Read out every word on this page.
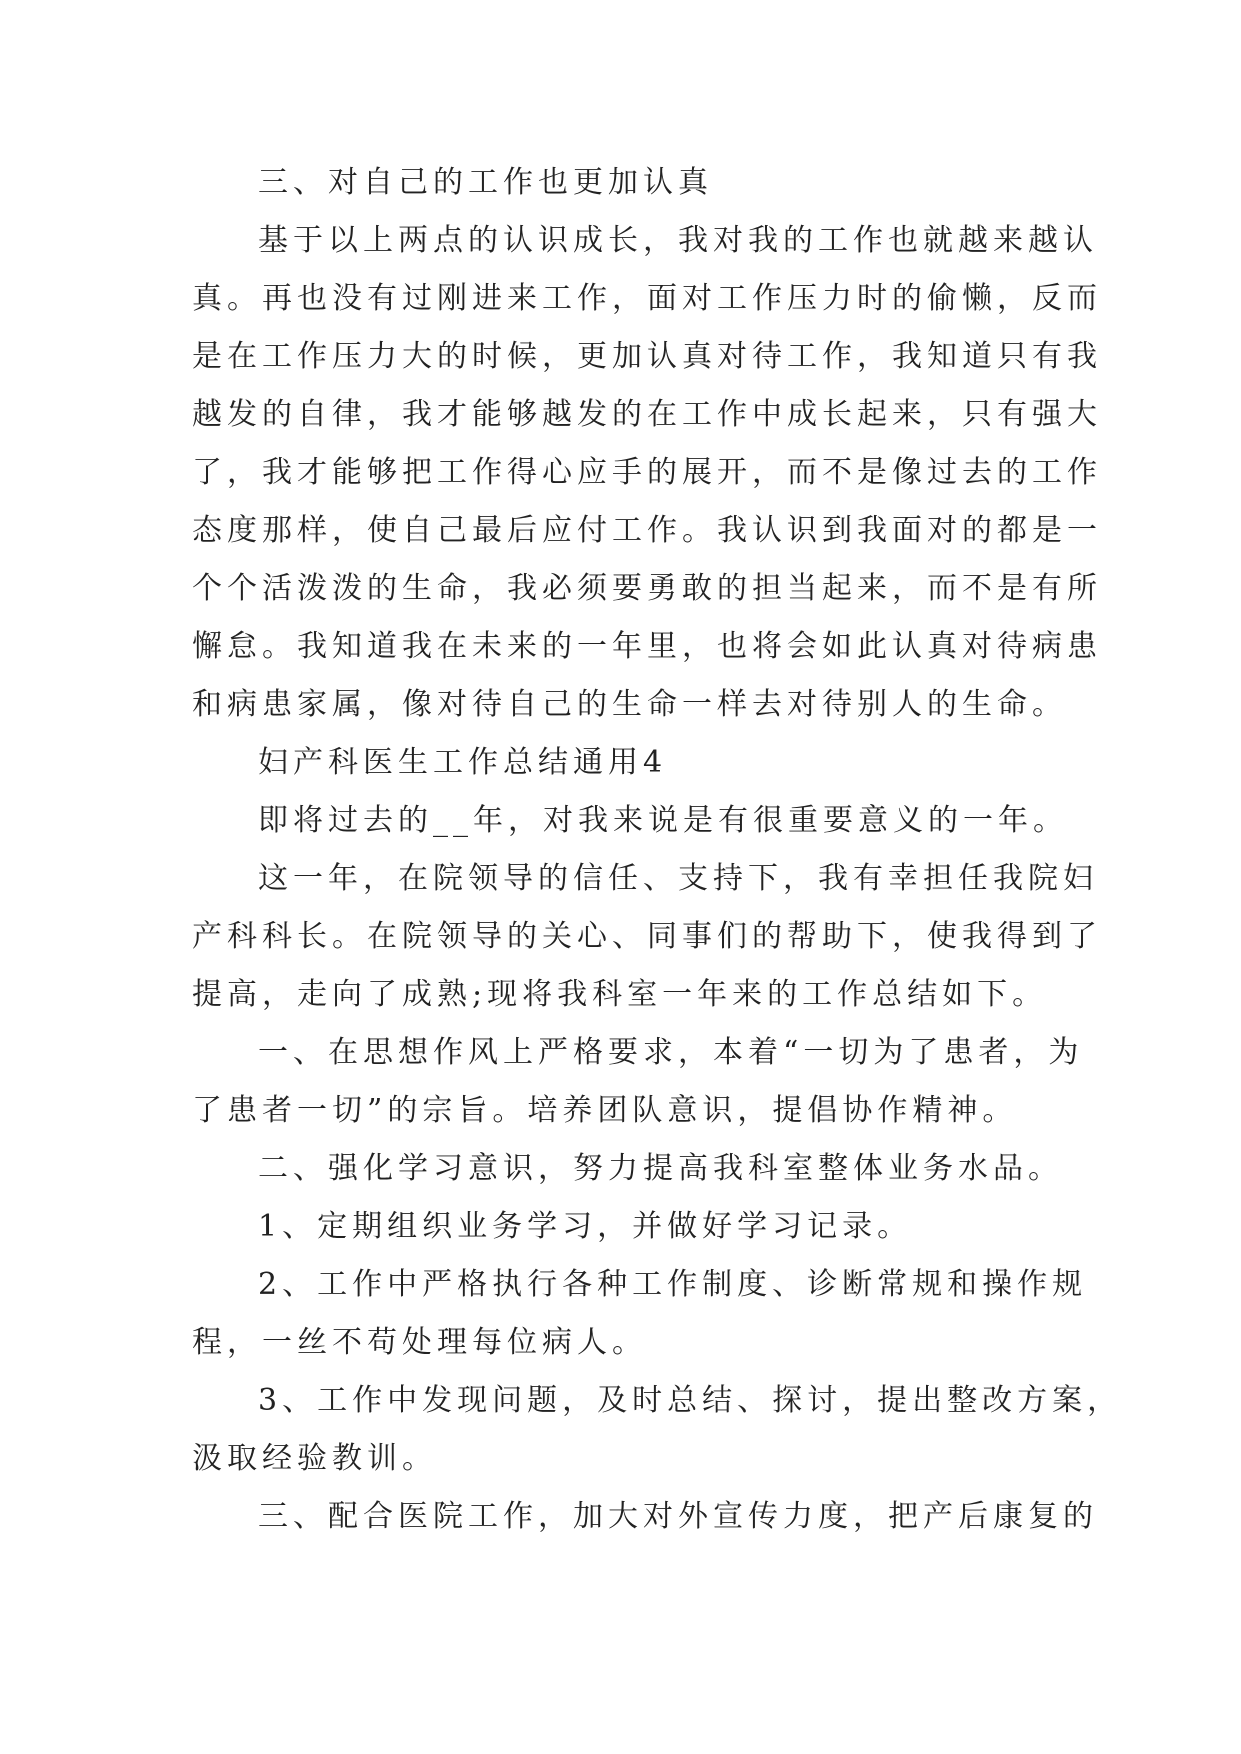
三、对自己的工作也更加认真
基于以上两点的认识成长，我对我的工作也就越来越认
真。再也没有过刚进来工作，面对工作压力时的偷懒，反而
是在工作压力大的时候，更加认真对待工作，我知道只有我
越发的自律，我才能够越发的在工作中成长起来，只有强大
了，我才能够把工作得心应手的展开，而不是像过去的工作
态度那样，使自己最后应付工作。我认识到我面对的都是一
个个活泼泼的生命，我必须要勇敢的担当起来，而不是有所
懈怠。我知道我在未来的一年里，也将会如此认真对待病患
和病患家属，像对待自己的生命一样去对待别人的生命。
妇产科医生工作总结通用4
即将过去的__年，对我来说是有很重要意义的一年。
这一年，在院领导的信任、支持下，我有幸担任我院妇
产科科长。在院领导的关心、同事们的帮助下，使我得到了
提高，走向了成熟;现将我科室一年来的工作总结如下。
一、在思想作风上严格要求，本着“一切为了患者，为
了患者一切”的宗旨。培养团队意识，提倡协作精神。
二、强化学习意识，努力提高我科室整体业务水品。
1、定期组织业务学习，并做好学习记录。
2、工作中严格执行各种工作制度、诊断常规和操作规
程，一丝不苟处理每位病人。
3、工作中发现问题，及时总结、探讨，提出整改方案，
汲取经验教训。
三、配合医院工作，加大对外宣传力度，把产后康复的
